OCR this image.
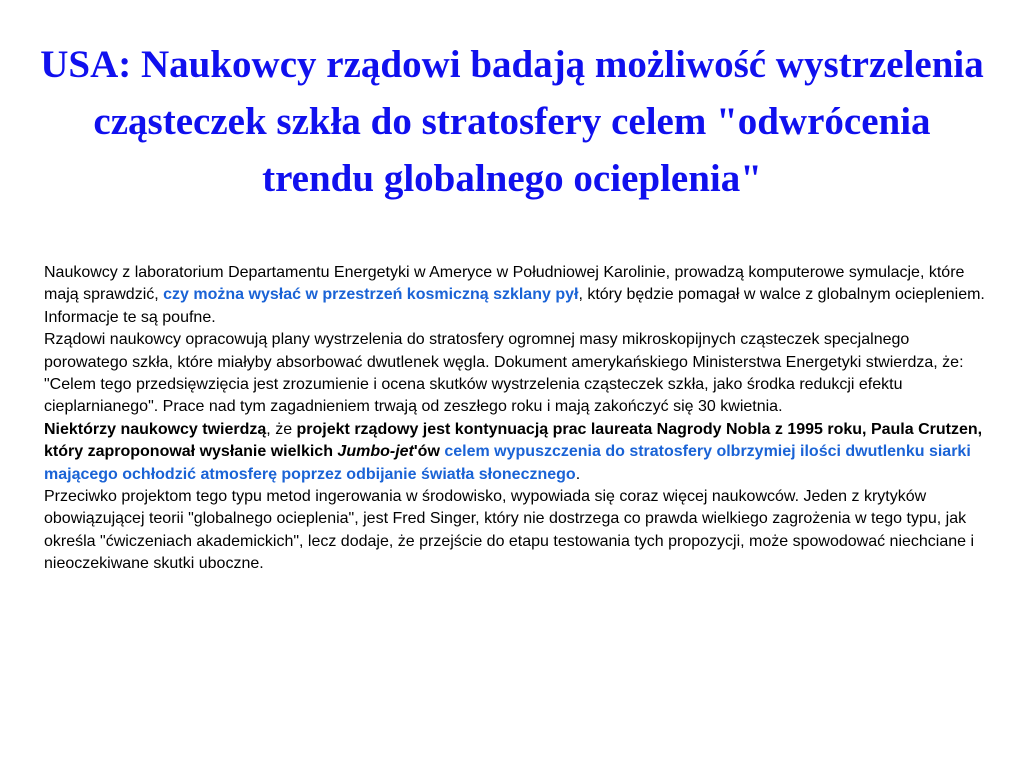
USA: Naukowcy rządowi badają możliwość wystrzelenia cząsteczek szkła do stratosfery celem "odwrócenia trendu globalnego ocieplenia"

Naukowcy z laboratorium Departamentu Energetyki w Ameryce w Południowej Karolinie, prowadzą komputerowe symulacje, które mają sprawdzić, czy można wysłać w przestrzeń kosmiczną szklany pył, który będzie pomagał w walce z globalnym ociepleniem. Informacje te są poufne.

Rządowi naukowcy opracowują plany wystrzelenia do stratosfery ogromnej masy mikroskopijnych cząsteczek specjalnego porowatego szkła, które miałyby absorbować dwutlenek węgla. Dokument amerykańskiego Ministerstwa Energetyki stwierdza, że: "Celem tego przedsięwzięcia jest zrozumienie i ocena skutków wystrzelenia cząsteczek szkła, jako środka redukcji efektu cieplarnianego". Prace nad tym zagadnieniem trwają od zeszłego roku i mają zakończyć się 30 kwietnia.

Niektórzy naukowcy twierdzą, że projekt rządowy jest kontynuacją prac laureata Nagrody Nobla z 1995 roku, Paula Crutzen, który zaproponował wysłanie wielkich Jumbo-jet'ów celem wypuszczenia do stratosfery olbrzymiej ilości dwutlenku siarki mającego ochłodzić atmosferę poprzez odbijanie światła słonecznego.

Przeciwko projektom tego typu metod ingerowania w środowisko, wypowiada się coraz więcej naukowców. Jeden z krytyków obowiązującej teorii "globalnego ocieplenia", jest Fred Singer, który nie dostrzega co prawda wielkiego zagrożenia w tego typu, jak określa "ćwiczeniach akademickich", lecz dodaje, że przejście do etapu testowania tych propozycji, może spowodować niechciane i nieoczekiwane skutki uboczne.
